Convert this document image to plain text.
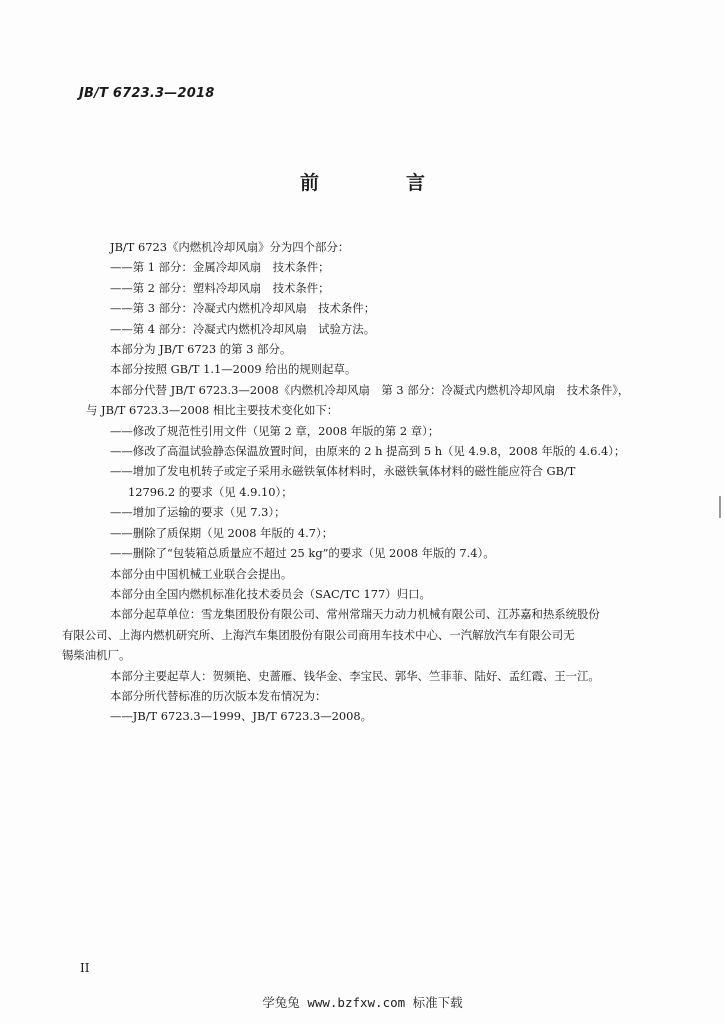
JB/T 6723.3—2018
前　言

JB/T 6723《内燃机冷却风扇》分为四个部分：

——第 1 部分：金属冷却风扇　技术条件；

——第 2 部分：塑料冷却风扇　技术条件；

——第 3 部分：冷凝式内燃机冷却风扇　技术条件；

——第 4 部分：冷凝式内燃机冷却风扇　试验方法。

本部分为 JB/T 6723 的第 3 部分。

本部分按照 GB/T 1.1—2009 给出的规则起草。

本部分代替 JB/T 6723.3—2008《内燃机冷却风扇　第 3 部分：冷凝式内燃机冷却风扇　技术条件》，

与 JB/T 6723.3—2008 相比主要技术变化如下：

——修改了规范性引用文件（见第 2 章，2008 年版的第 2 章）；

——修改了高温试验静态保温放置时间，由原来的 2 h 提高到 5 h（见 4.9.8，2008 年版的 4.6.4）；

——增加了发电机转子或定子采用永磁铁氧体材料时，永磁铁氧体材料的磁性能应符合 GB/T

12796.2 的要求（见 4.9.10）；

——增加了运输的要求（见 7.3）；

——删除了质保期（见 2008 年版的 4.7）；

——删除了“包装箱总质量应不超过 25 kg”的要求（见 2008 年版的 7.4）。

本部分由中国机械工业联合会提出。

本部分由全国内燃机标准化技术委员会（SAC/TC 177）归口。

本部分起草单位：雪龙集团股份有限公司、常州常瑞天力动力机械有限公司、江苏嘉和热系统股份

有限公司、上海内燃机研究所、上海汽车集团股份有限公司商用车技术中心、一汽解放汽车有限公司无

锡柴油机厂。

本部分主要起草人：贺频艳、史蔷雁、钱华金、李宝民、郭华、竺菲菲、陆好、孟红霞、王一江。

本部分所代替标准的历次版本发布情况为：

——JB/T 6723.3—1999、JB/T 6723.3—2008。

II
学兔兔 www.bzfxw.com 标准下载
